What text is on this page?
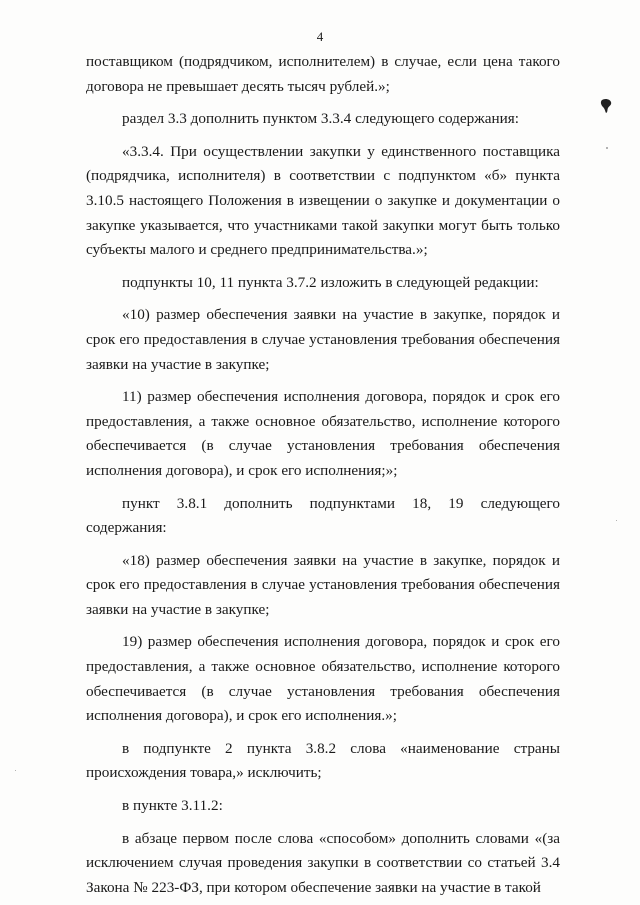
4

поставщиком (подрядчиком, исполнителем) в случае, если цена такого договора не превышает десять тысяч рублей.»;

раздел 3.3 дополнить пунктом 3.3.4 следующего содержания:

«3.3.4. При осуществлении закупки у единственного поставщика (подрядчика, исполнителя) в соответствии с подпунктом «б» пункта 3.10.5 настоящего Положения в извещении о закупке и документации о закупке указывается, что участниками такой закупки могут быть только субъекты малого и среднего предпринимательства.»;

подпункты 10, 11 пункта 3.7.2 изложить в следующей редакции:

«10) размер обеспечения заявки на участие в закупке, порядок и срок его предоставления в случае установления требования обеспечения заявки на участие в закупке;

11) размер обеспечения исполнения договора, порядок и срок его предоставления, а также основное обязательство, исполнение которого обеспечивается (в случае установления требования обеспечения исполнения договора), и срок его исполнения;»;

пункт 3.8.1 дополнить подпунктами 18, 19 следующего содержания:

«18) размер обеспечения заявки на участие в закупке, порядок и срок его предоставления в случае установления требования обеспечения заявки на участие в закупке;

19) размер обеспечения исполнения договора, порядок и срок его предоставления, а также основное обязательство, исполнение которого обеспечивается (в случае установления требования обеспечения исполнения договора), и срок его исполнения.»;

в подпункте 2 пункта 3.8.2 слова «наименование страны происхождения товара,» исключить;

в пункте 3.11.2:

в абзаце первом после слова «способом» дополнить словами «(за исключением случая проведения закупки в соответствии со статьей 3.4 Закона № 223-ФЗ, при котором обеспечение заявки на участие в такой
